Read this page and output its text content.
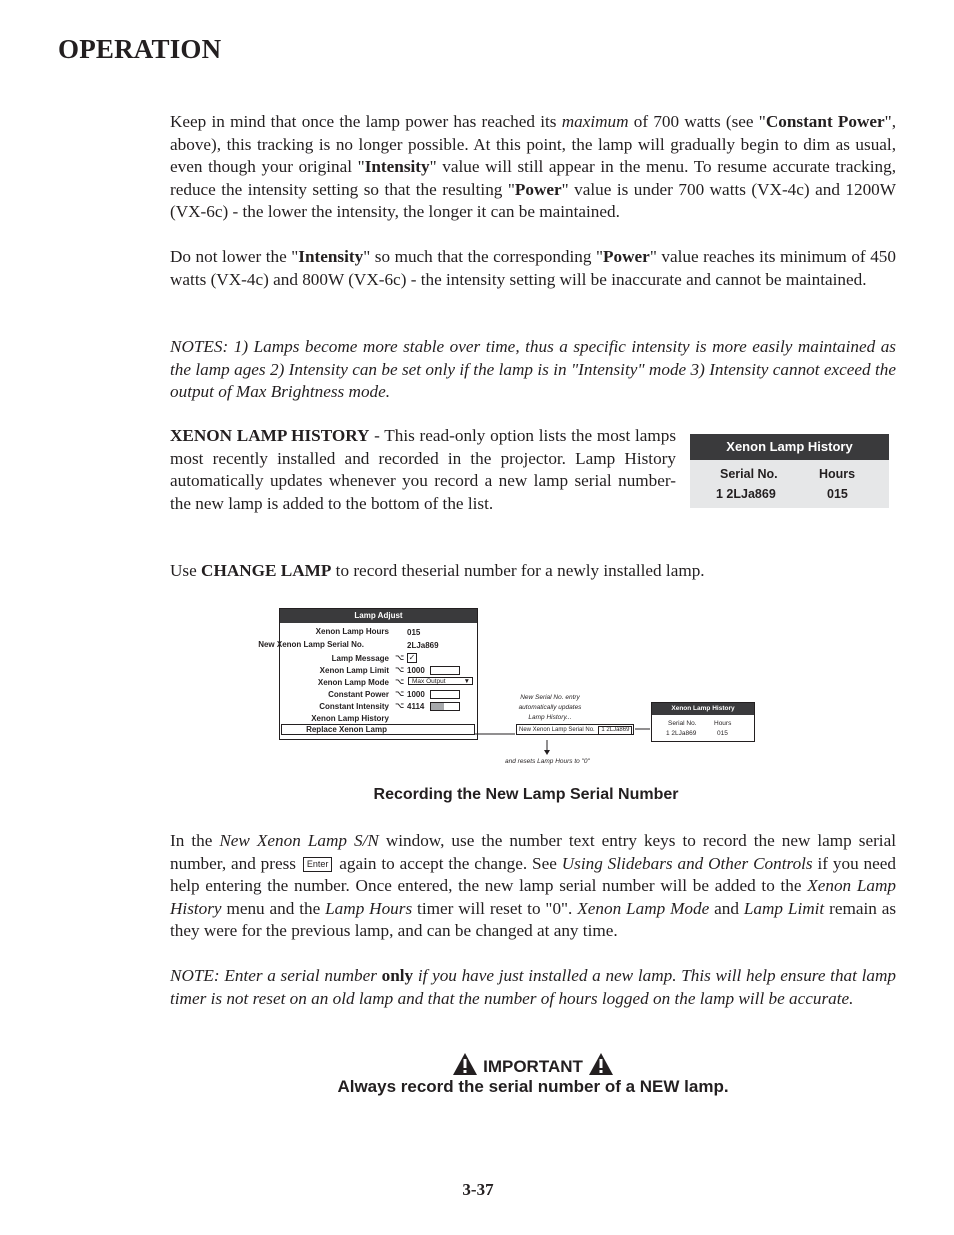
OPERATION
Keep in mind that once the lamp power has reached its maximum of 700 watts (see "Constant Power", above), this tracking is no longer possible. At this point, the lamp will gradually begin to dim as usual, even though your original "Intensity" value will still appear in the menu. To resume accurate tracking, reduce the intensity setting so that the resulting "Power" value is under 700 watts (VX-4c) and 1200W (VX-6c) - the lower the intensity, the longer it can be maintained.
Do not lower the "Intensity" so much that the corresponding "Power" value reaches its minimum of 450 watts (VX-4c) and 800W (VX-6c) - the intensity setting will be inaccurate and cannot be maintained.
NOTES: 1) Lamps become more stable over time, thus a specific intensity is more easily maintained as the lamp ages 2) Intensity can be set only if the lamp is in "Intensity" mode 3) Intensity cannot exceed the output of Max Brightness mode.
XENON LAMP HISTORY - This read-only option lists the most lamps most recently installed and recorded in the projector. Lamp History automatically updates whenever you record a new lamp serial number-the new lamp is added to the bottom of the list.
Xenon Lamp History
Serial No.	Hours
1 2LJa869	015
Use CHANGE LAMP to record theserial number for a newly installed lamp.
Lamp Adjust
Xenon Lamp Hours 015
New Xenon Lamp Serial No.	2LJa869
Lamp Message ⌥ ✓
Xenon Lamp Limit ⌥ 1000
Xenon Lamp Mode ⌥	Max Output	▼
Constant Power ⌥ 1000
Constant Intensity ⌥ 4114
Xenon Lamp History
Replace Xenon Lamp
New Serial No. entry
automatically updates
Lamp History...
New Xenon Lamp Serial No. 1 2LJa869
and resets Lamp Hours to "0"
Xenon Lamp History
Serial No.	Hours
1 2LJa869	015
Recording the New Lamp Serial Number
In the New Xenon Lamp S/N window, use the number text entry keys to record the new lamp serial number, and press Enter again to accept the change. See Using Slidebars and Other Controls if you need help entering the number. Once entered, the new lamp serial number will be added to the Xenon Lamp History menu and the Lamp Hours timer will reset to "0". Xenon Lamp Mode and Lamp Limit remain as they were for the previous lamp, and can be changed at any time.
NOTE: Enter a serial number only if you have just installed a new lamp. This will help ensure that lamp timer is not reset on an old lamp and that the number of hours logged on the lamp will be accurate.
IMPORTANT
Always record the serial number of a NEW lamp.
3-37
